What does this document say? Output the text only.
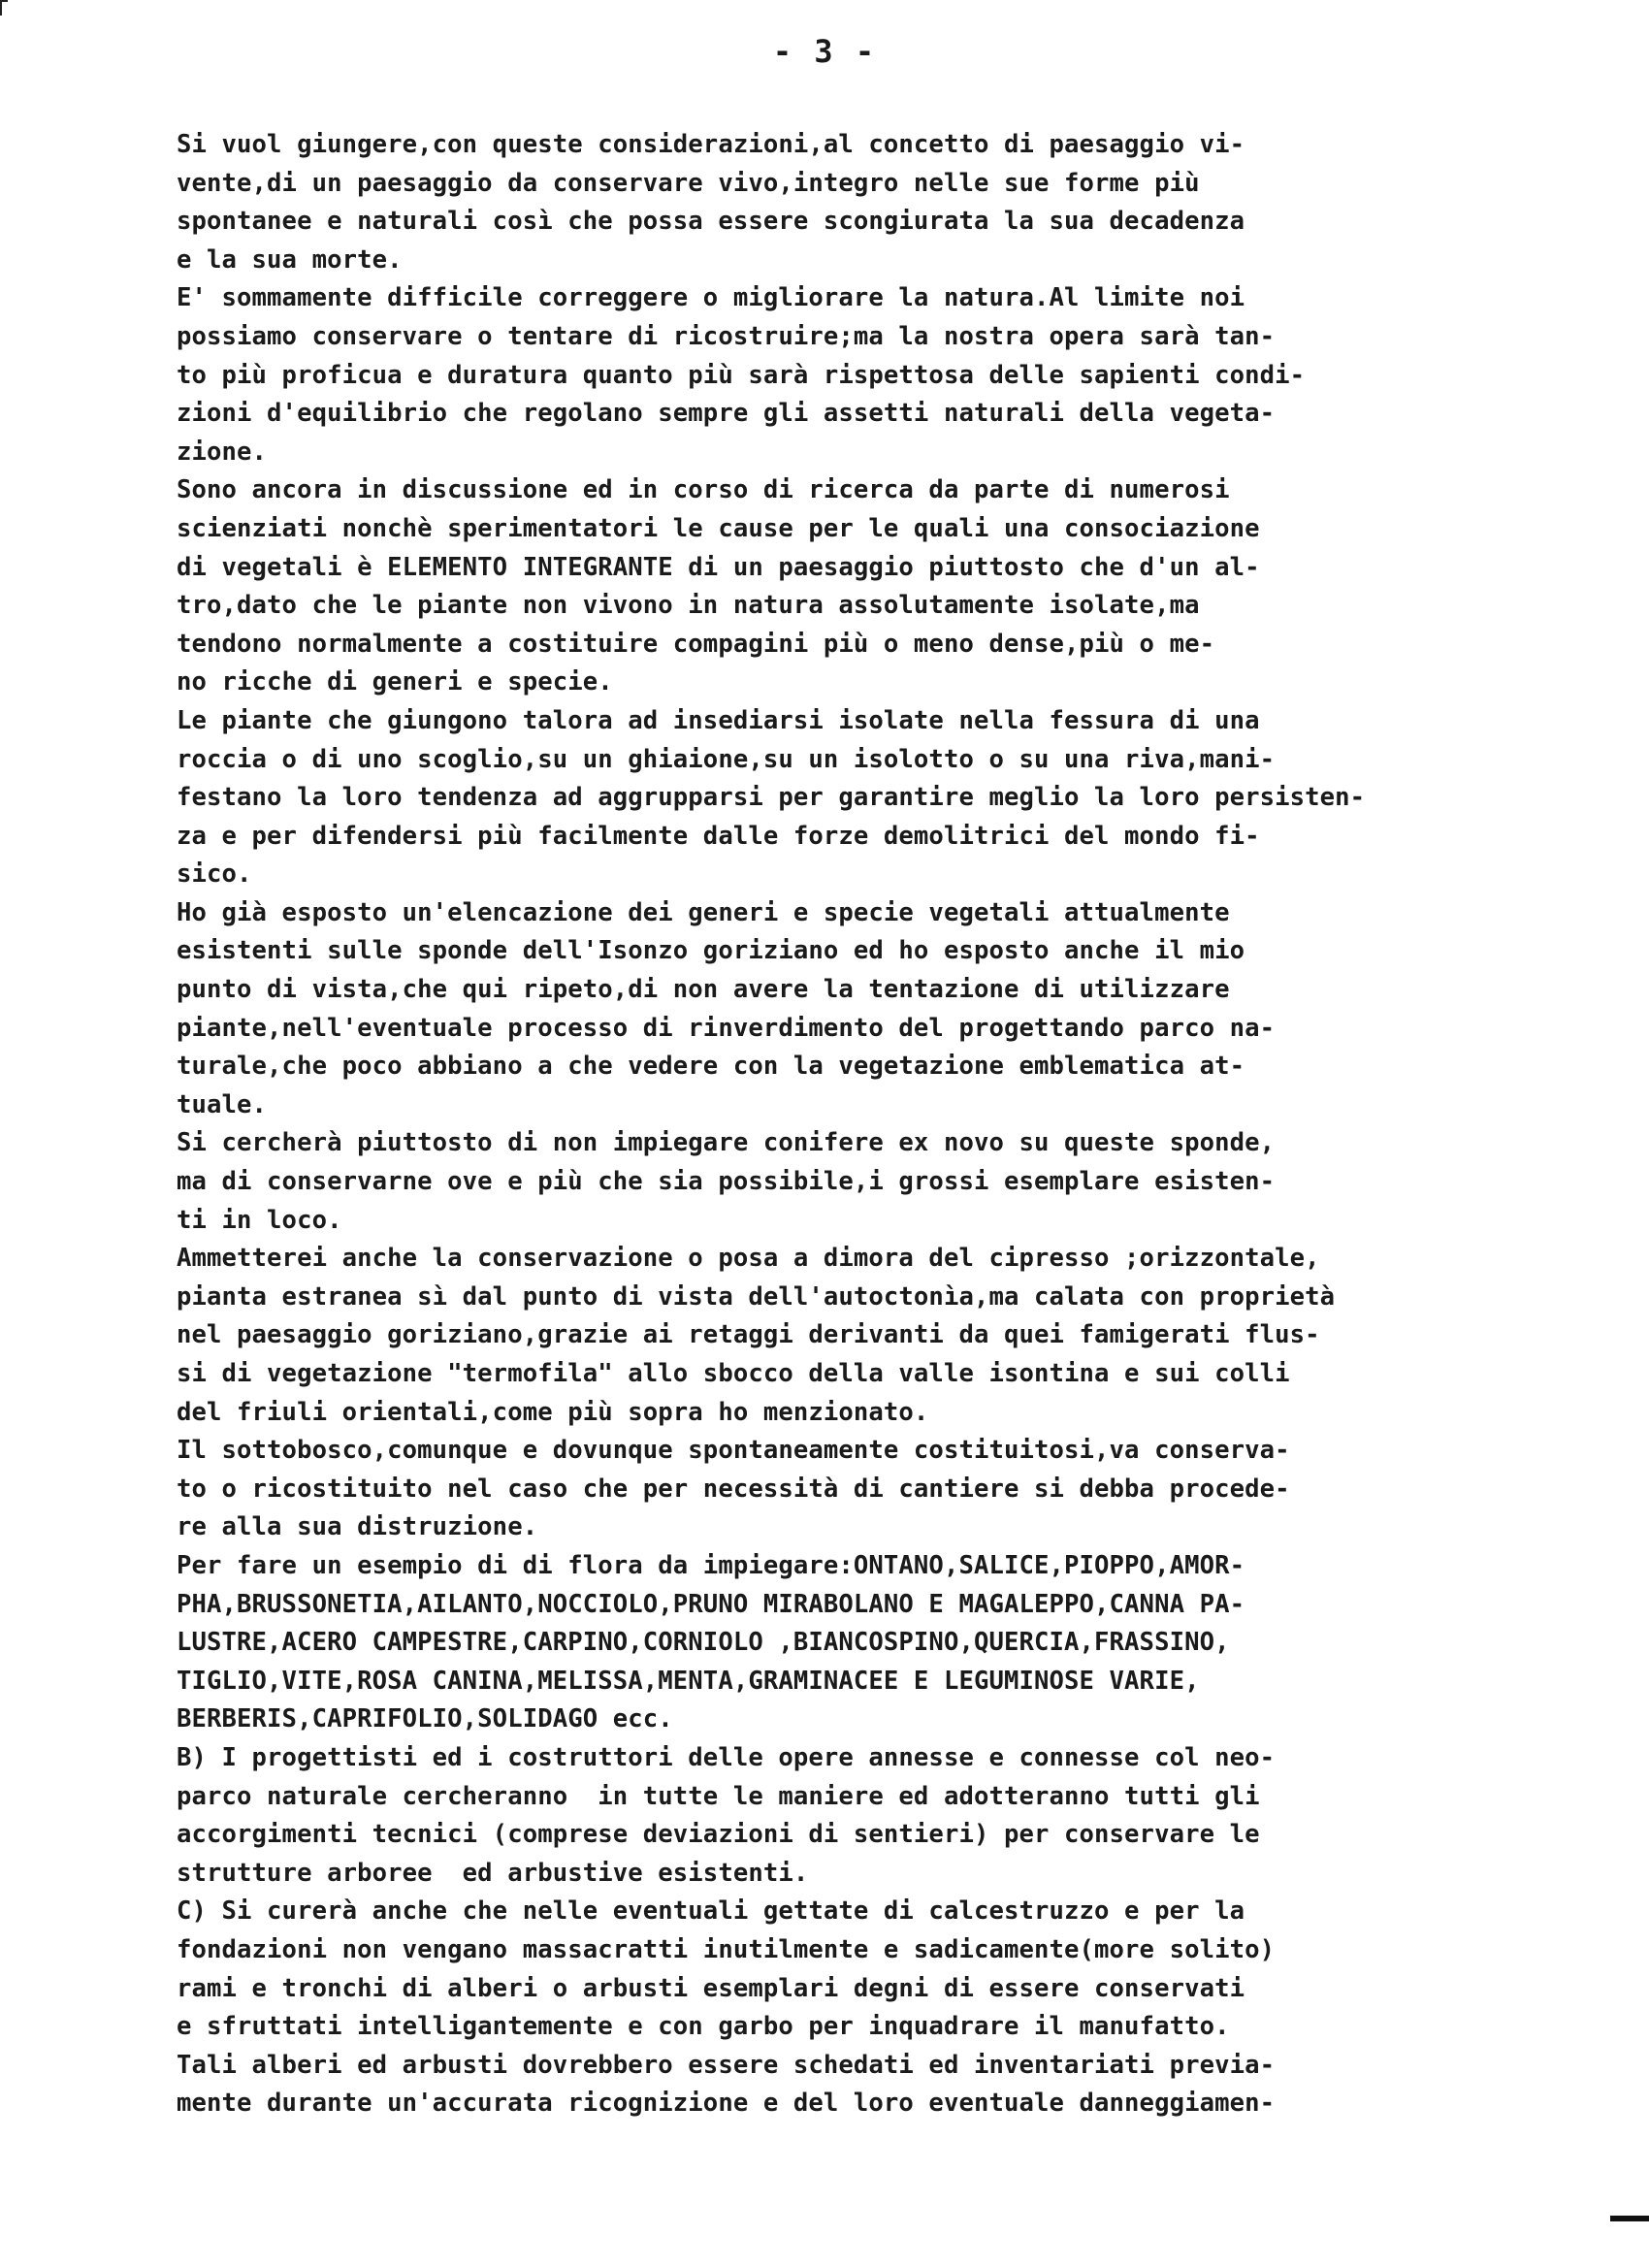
- 3 -
Si vuol giungere,con queste considerazioni,al concetto di paesaggio vi-
vente,di un paesaggio da conservare vivo,integro nelle sue forme più
spontanee e naturali così che possa essere scongiurata la sua decadenza
e la sua morte.
E' sommamente difficile correggere o migliorare la natura.Al limite noi
possiamo conservare o tentare di ricostruire;ma la nostra opera sarà tan-
to più proficua e duratura quanto più sarà rispettosa delle sapienti condi-
zioni d'equilibrio che regolano sempre gli assetti naturali della vegeta-
zione.
Sono ancora in discussione ed in corso di ricerca da parte di numerosi
scienziati nonchè sperimentatori le cause per le quali una consociazione
di vegetali è ELEMENTO INTEGRANTE di un paesaggio piuttosto che d'un al-
tro,dato che le piante non vivono in natura assolutamente isolate,ma
tendono normalmente a costituire compagini più o meno dense,più o me-
no ricche di generi e specie.
Le piante che giungono talora ad insediarsi isolate nella fessura di una
roccia o di uno scoglio,su un ghiaione,su un isolotto o su una riva,mani-
festano la loro tendenza ad aggrupparsi per garantire meglio la loro persisten-
za e per difendersi più facilmente dalle forze demolitrici del mondo fi-
sico.
Ho già esposto un'elencazione dei generi e specie vegetali attualmente
esistenti sulle sponde dell'Isonzo goriziano ed ho esposto anche il mio
punto di vista,che qui ripeto,di non avere la tentazione di utilizzare
piante,nell'eventuale processo di rinverdimento del progettando parco na-
turale,che poco abbiano a che vedere con la vegetazione emblematica at-
tuale.
Si cercherà piuttosto di non impiegare conifere ex novo su queste sponde,
ma di conservarne ove e più che sia possibile,i grossi esemplare esisten-
ti in loco.
Ammetterei anche la conservazione o posa a dimora del cipresso ;orizzontale,
pianta estranea sì dal punto di vista dell'autoctonìa,ma calata con proprietà
nel paesaggio goriziano,grazie ai retaggi derivanti da quei famigerati flus-
si di vegetazione "termofila" allo sbocco della valle isontina e sui colli
del friuli orientali,come più sopra ho menzionato.
Il sottobosco,comunque e dovunque spontaneamente costituitosi,va conserva-
to o ricostituito nel caso che per necessità di cantiere si debba procede-
re alla sua distruzione.
Per fare un esempio di di flora da impiegare:ONTANO,SALICE,PIOPPO,AMOR-
PHA,BRUSSONETIA,AILANTO,NOCCIOLO,PRUNO MIRABOLANO E MAGALEPPO,CANNA PA-
LUSTRE,ACERO CAMPESTRE,CARPINO,CORNIOLO ,BIANCOSPINO,QUERCIA,FRASSINO,
TIGLIO,VITE,ROSA CANINA,MELISSA,MENTA,GRAMINACEE E LEGUMINOSE VARIE,
BERBERIS,CAPRIFOLIO,SOLIDAGO ecc.
B) I progettisti ed i costruttori delle opere annesse e connesse col neo-
parco naturale cercheranno  in tutte le maniere ed adotteranno tutti gli
accorgimenti tecnici (comprese deviazioni di sentieri) per conservare le
strutture arboree  ed arbustive esistenti.
C) Si curerà anche che nelle eventuali gettate di calcestruzzo e per la
fondazioni non vengano massacratti inutilmente e sadicamente(more solito)
rami e tronchi di alberi o arbusti esemplari degni di essere conservati
e sfruttati intelligantemente e con garbo per inquadrare il manufatto.
Tali alberi ed arbusti dovrebbero essere schedati ed inventariati previa-
mente durante un'accurata ricognizione e del loro eventuale danneggiamen-
